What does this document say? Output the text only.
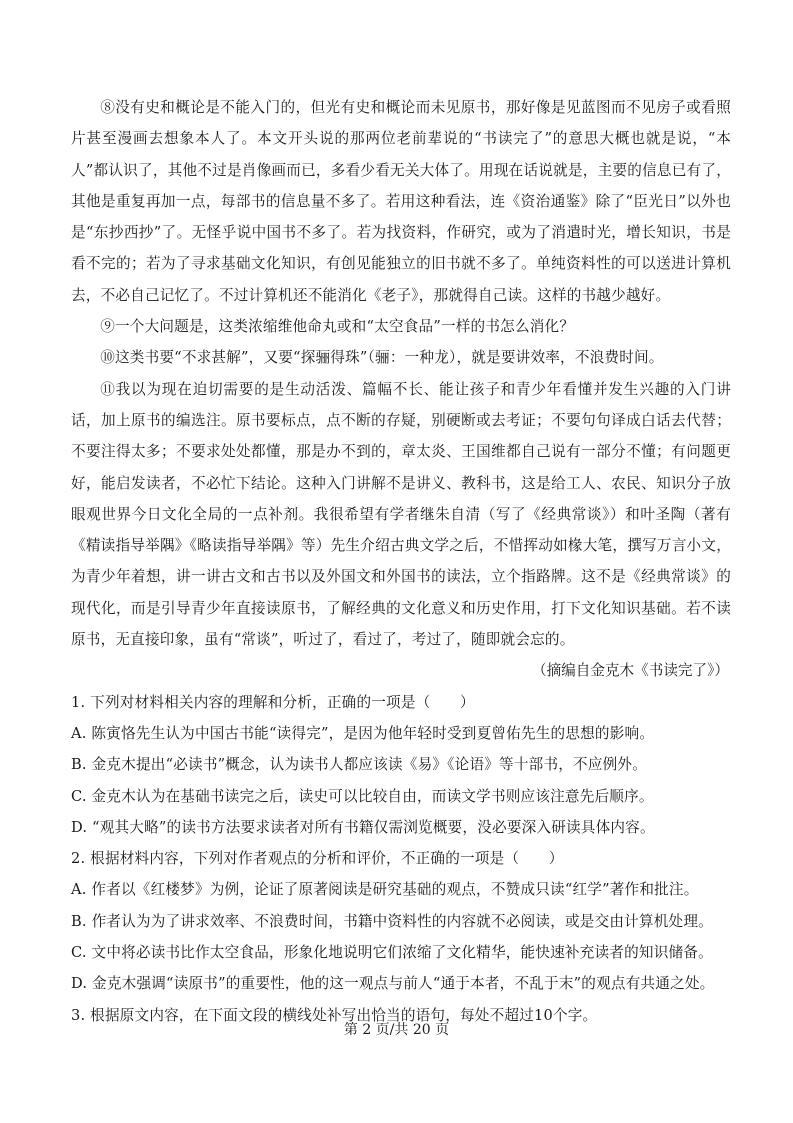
⑧没有史和概论是不能入门的，但光有史和概论而未见原书，那好像是见蓝图而不见房子或看照片甚至漫画去想象本人了。本文开头说的那两位老前辈说的“书读完了”的意思大概也就是说，“本人”都认识了，其他不过是肖像画而已，多看少看无关大体了。用现在话说就是，主要的信息已有了，其他是重复再加一点，每部书的信息量不多了。若用这种看法，连《资治通鉴》除了“臣光日”以外也是“东抄西抄”了。无怪乎说中国书不多了。若为找资料，作研究，或为了消遣时光，增长知识，书是看不完的；若为了寻求基础文化知识，有创见能独立的旧书就不多了。单纯资料性的可以送进计算机去，不必自己记忆了。不过计算机还不能消化《老子》，那就得自己读。这样的书越少越好。

⑨一个大问题是，这类浓缩维他命丸或和“太空食品”一样的书怎么消化？

⑩这类书要“不求甚解”，又要“探骊得珠”（骊：一种龙），就是要讲效率，不浪费时间。

⑪我以为现在迫切需要的是生动活泼、篇幅不长、能让孩子和青少年看懂并发生兴趣的入门讲话，加上原书的编选注。原书要标点，点不断的存疑，别硬断或去考证；不要句句译成白话去代替；不要注得太多；不要求处处都懂，那是办不到的，章太炎、王国维都自己说有一部分不懂；有问题更好，能启发读者，不必忙下结论。这种入门讲解不是讲义、教科书，这是给工人、农民、知识分子放眼观世界今日文化全局的一点补剂。我很希望有学者继朱自清（写了《经典常谈》）和叶圣陶（著有《精读指导举隅》《略读指导举隅》等）先生介绍古典文学之后，不惜挥动如椽大笔，撰写万言小文，为青少年着想，讲一讲古文和古书以及外国文和外国书的读法，立个指路牌。这不是《经典常谈》的现代化，而是引导青少年直接读原书，了解经典的文化意义和历史作用，打下文化知识基础。若不读原书，无直接印象，虽有“常谈”，听过了，看过了，考过了，随即就会忘的。

（摘编自金克木《书读完了》）

1. 下列对材料相关内容的理解和分析，正确的一项是（　　）

A. 陈寅恪先生认为中国古书能“读得完”，是因为他年轻时受到夏曾佑先生的思想的影响。

B. 金克木提出“必读书”概念，认为读书人都应该读《易》《论语》等十部书，不应例外。

C. 金克木认为在基础书读完之后，读史可以比较自由，而读文学书则应该注意先后顺序。

D. “观其大略”的读书方法要求读者对所有书籍仅需浏览概要，没必要深入研读具体内容。

2. 根据材料内容，下列对作者观点的分析和评价，不正确的一项是（　　）

A. 作者以《红楼梦》为例，论证了原著阅读是研究基础的观点，不赞成只读“红学”著作和批注。

B. 作者认为为了讲求效率、不浪费时间，书籍中资料性的内容就不必阅读，或是交由计算机处理。

C. 文中将必读书比作太空食品，形象化地说明它们浓缩了文化精华，能快速补充读者的知识储备。

D. 金克木强调“读原书”的重要性，他的这一观点与前人“通于本者，不乱于末”的观点有共通之处。

3. 根据原文内容，在下面文段的横线处补写出恰当的语句，每处不超过10个字。

第 2 页/共 20 页
